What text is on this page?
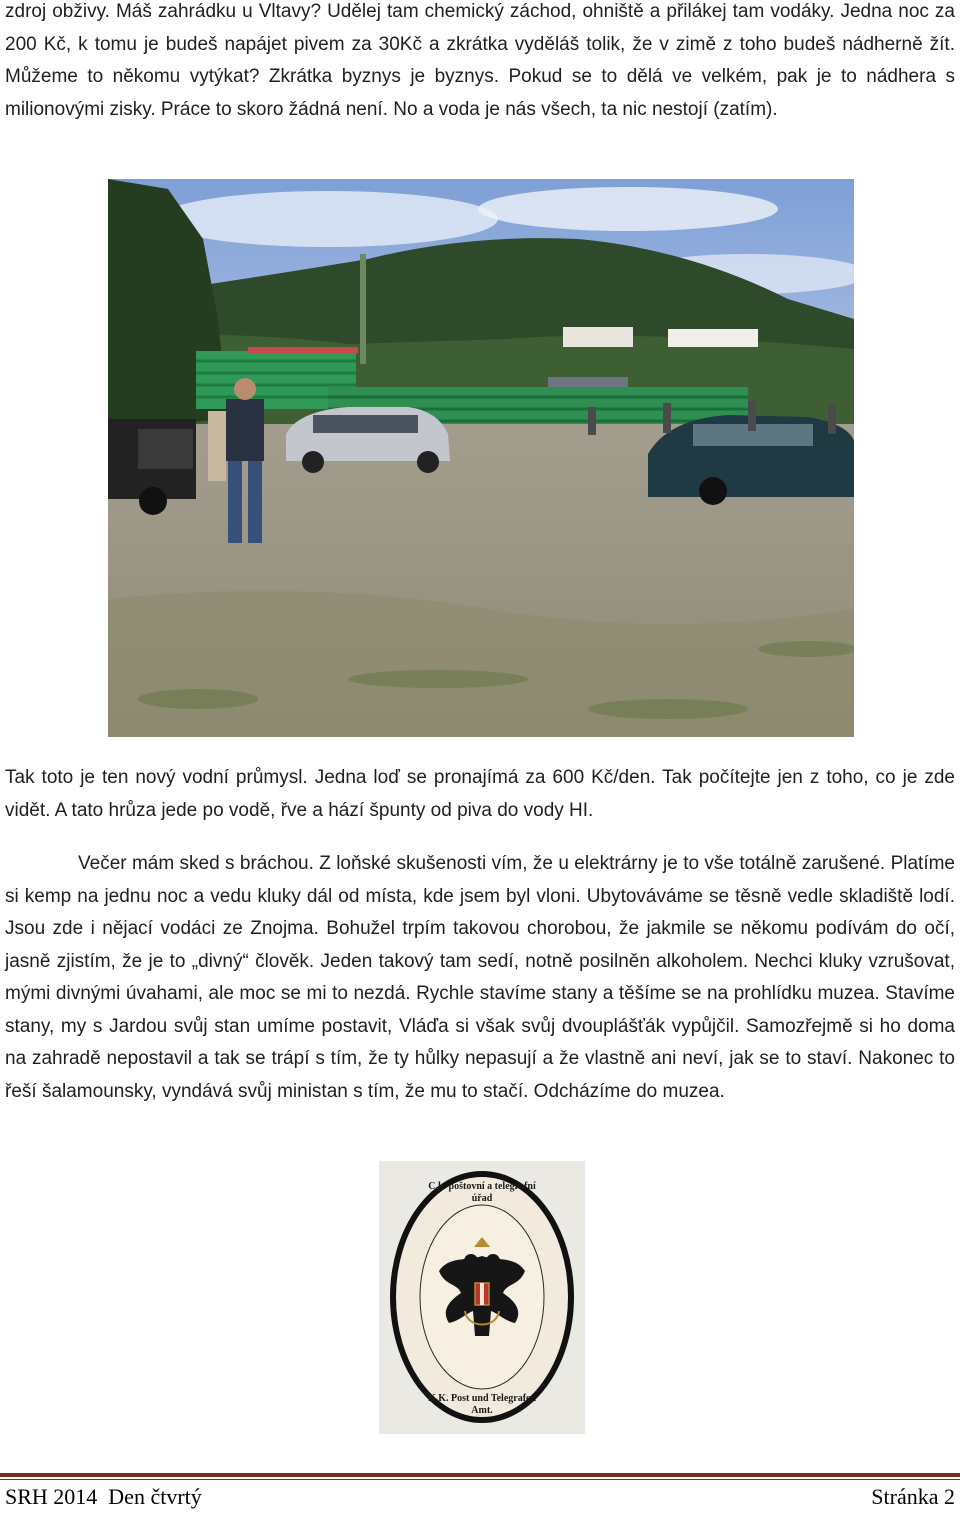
zdroj obživy. Máš zahrádku u Vltavy? Udělej tam chemický záchod, ohniště a přilákej tam vodáky. Jedna noc za 200 Kč, k tomu je budeš napájet pivem za 30Kč a zkrátka vyděláš tolik, že v zimě z toho budeš nádherně žít. Můžeme to někomu vytýkat? Zkrátka byznys je byznys. Pokud se to dělá ve velkém, pak je to nádhera s milionovými zisky. Práce to skoro žádná není. No a voda je nás všech, ta nic nestojí (zatím).

Tak toto je ten nový vodní průmysl. Jedna loď se pronajímá za 600 Kč/den. Tak počítejte jen z toho, co je zde vidět. A tato hrůza jede po vodě, řve a hází špunty od piva do vody HI.

Večer mám sked s bráchou. Z loňské skušenosti vím, že u elektrárny je to vše totálně zarušené. Platíme si kemp na jednu noc a vedu kluky dál od místa, kde jsem byl vloni. Ubytováváme se těsně vedle skladiště lodí. Jsou zde i nějací vodáci ze Znojma. Bohužel trpím takovou chorobou, že jakmile se někomu podívám do očí, jasně zjistím, že je to „divný“ člověk. Jeden takový tam sedí, notně posilněn alkoholem. Nechci kluky vzrušovat, mými divnými úvahami, ale moc se mi to nezdá. Rychle stavíme stany a těšíme se na prohlídku muzea. Stavíme stany, my s Jardou svůj stan umíme postavit, Vláďa si však svůj dvouplášťák vypůjčil. Samozřejmě si ho doma na zahradě nepostavil a tak se trápí s tím, že ty hůlky nepasují a že vlastně ani neví, jak se to staví. Nakonec to řeší šalamounsky, vyndává svůj ministan s tím, že mu to stačí. Odcházíme do muzea.

C.k. poštovní a telegrafní úřad
K.K. Post und Telegrafen Amt.
SRH 2014  Den čtvrtý	Stránka 2
